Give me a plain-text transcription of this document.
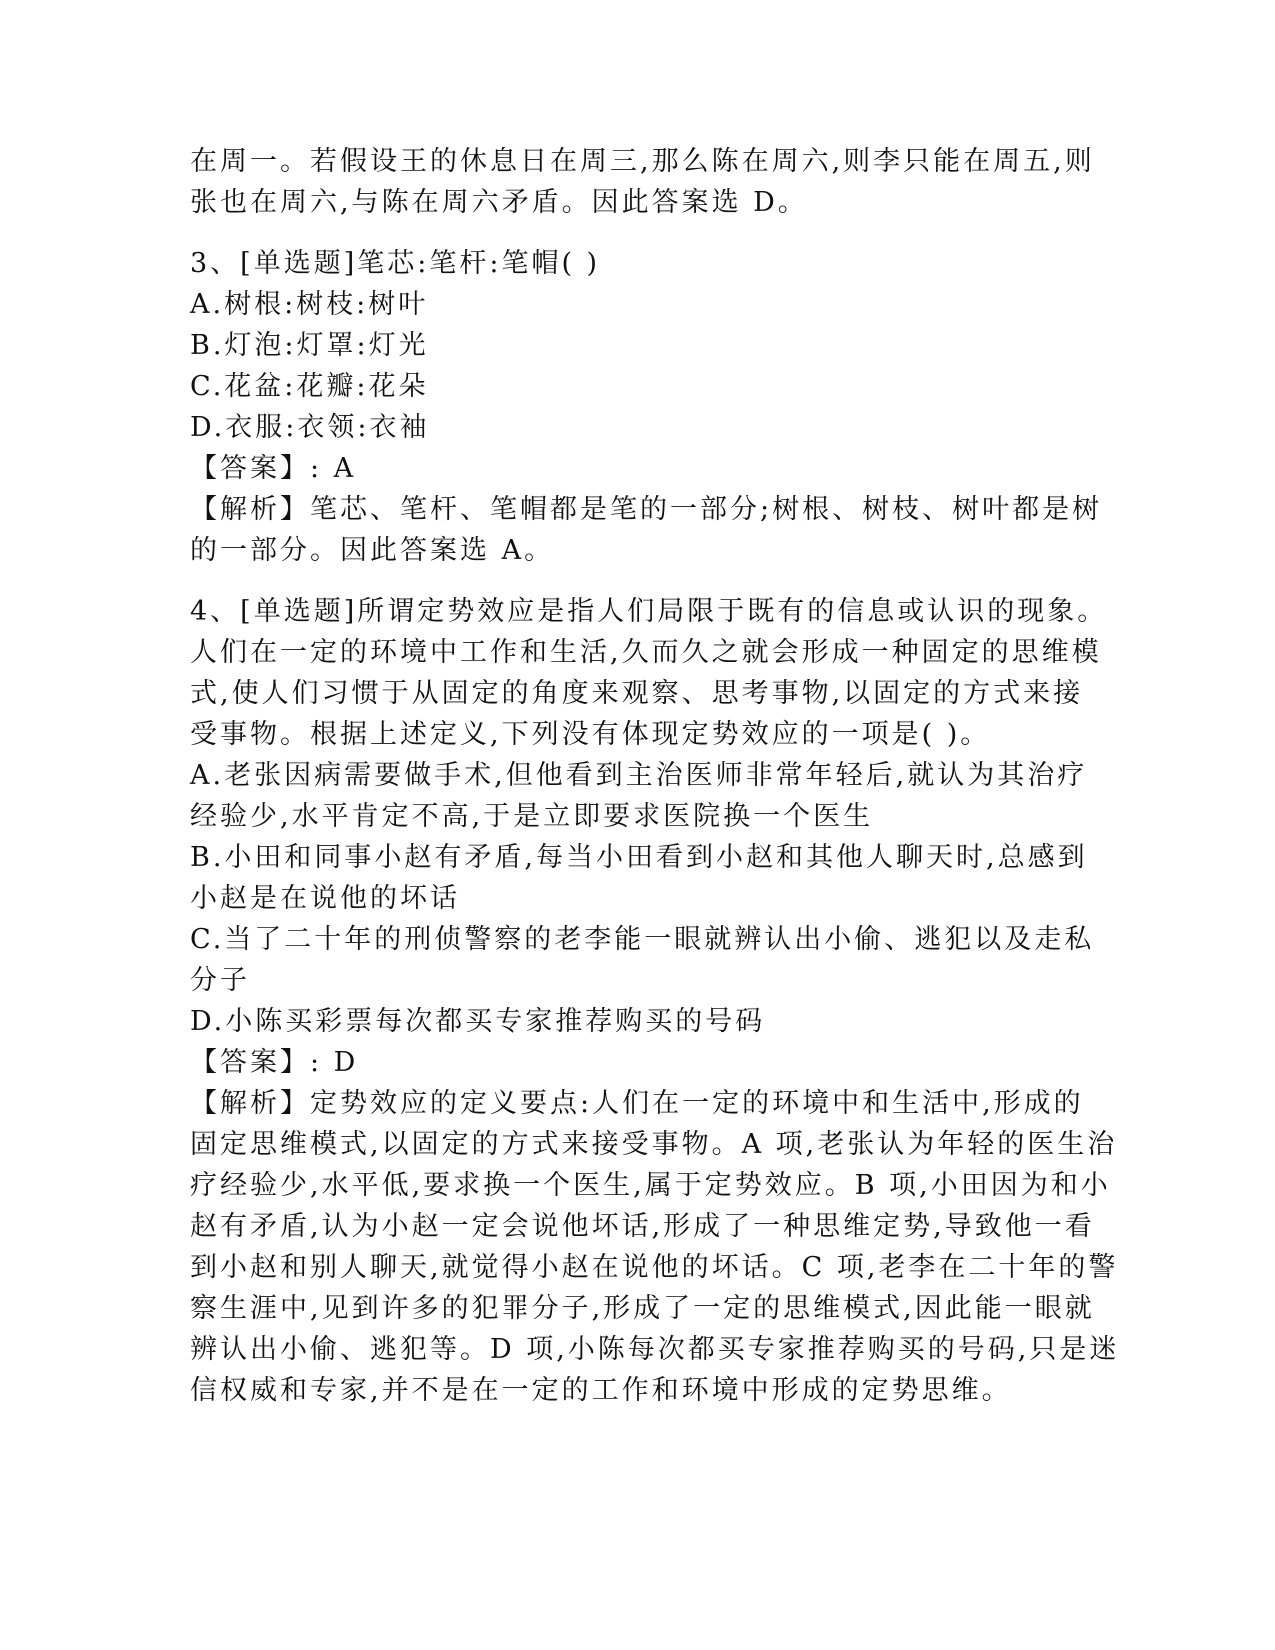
在周一。若假设王的休息日在周三,那么陈在周六,则李只能在周五,则
张也在周六,与陈在周六矛盾。因此答案选 D。
3、[单选题]笔芯:笔杆:笔帽( )
A.树根:树枝:树叶
B.灯泡:灯罩:灯光
C.花盆:花瓣:花朵
D.衣服:衣领:衣袖
【答案】: A
【解析】笔芯、笔杆、笔帽都是笔的一部分;树根、树枝、树叶都是树
的一部分。因此答案选 A。
4、[单选题]所谓定势效应是指人们局限于既有的信息或认识的现象。
人们在一定的环境中工作和生活,久而久之就会形成一种固定的思维模
式,使人们习惯于从固定的角度来观察、思考事物,以固定的方式来接
受事物。根据上述定义,下列没有体现定势效应的一项是( )。
A.老张因病需要做手术,但他看到主治医师非常年轻后,就认为其治疗
经验少,水平肯定不高,于是立即要求医院换一个医生
B.小田和同事小赵有矛盾,每当小田看到小赵和其他人聊天时,总感到
小赵是在说他的坏话
C.当了二十年的刑侦警察的老李能一眼就辨认出小偷、逃犯以及走私
分子
D.小陈买彩票每次都买专家推荐购买的号码
【答案】: D
【解析】定势效应的定义要点:人们在一定的环境中和生活中,形成的
固定思维模式,以固定的方式来接受事物。A 项,老张认为年轻的医生治
疗经验少,水平低,要求换一个医生,属于定势效应。B 项,小田因为和小
赵有矛盾,认为小赵一定会说他坏话,形成了一种思维定势,导致他一看
到小赵和别人聊天,就觉得小赵在说他的坏话。C 项,老李在二十年的警
察生涯中,见到许多的犯罪分子,形成了一定的思维模式,因此能一眼就
辨认出小偷、逃犯等。D 项,小陈每次都买专家推荐购买的号码,只是迷
信权威和专家,并不是在一定的工作和环境中形成的定势思维。
